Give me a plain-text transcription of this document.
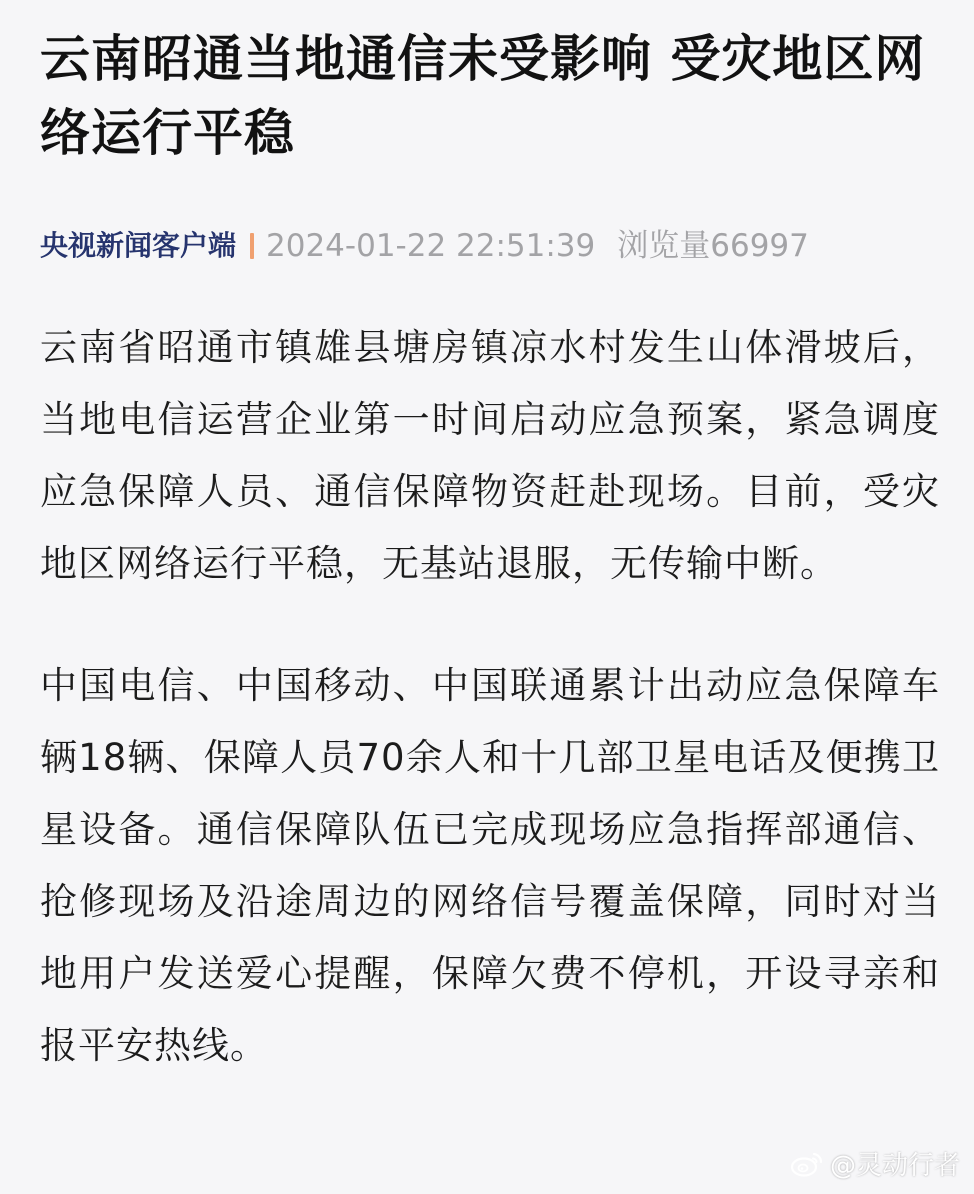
云南昭通当地通信未受影响 受灾地区网络运行平稳
央视新闻客户端 2024-01-22 22:51:39 浏览量66997

云南省昭通市镇雄县塘房镇凉水村发生山体滑坡后，当地电信运营企业第一时间启动应急预案，紧急调度应急保障人员、通信保障物资赶赴现场。目前，受灾地区网络运行平稳，无基站退服，无传输中断。

中国电信、中国移动、中国联通累计出动应急保障车辆18辆、保障人员70余人和十几部卫星电话及便携卫星设备。通信保障队伍已完成现场应急指挥部通信、抢修现场及沿途周边的网络信号覆盖保障，同时对当地用户发送爱心提醒，保障欠费不停机，开设寻亲和报平安热线。

@灵动行者
